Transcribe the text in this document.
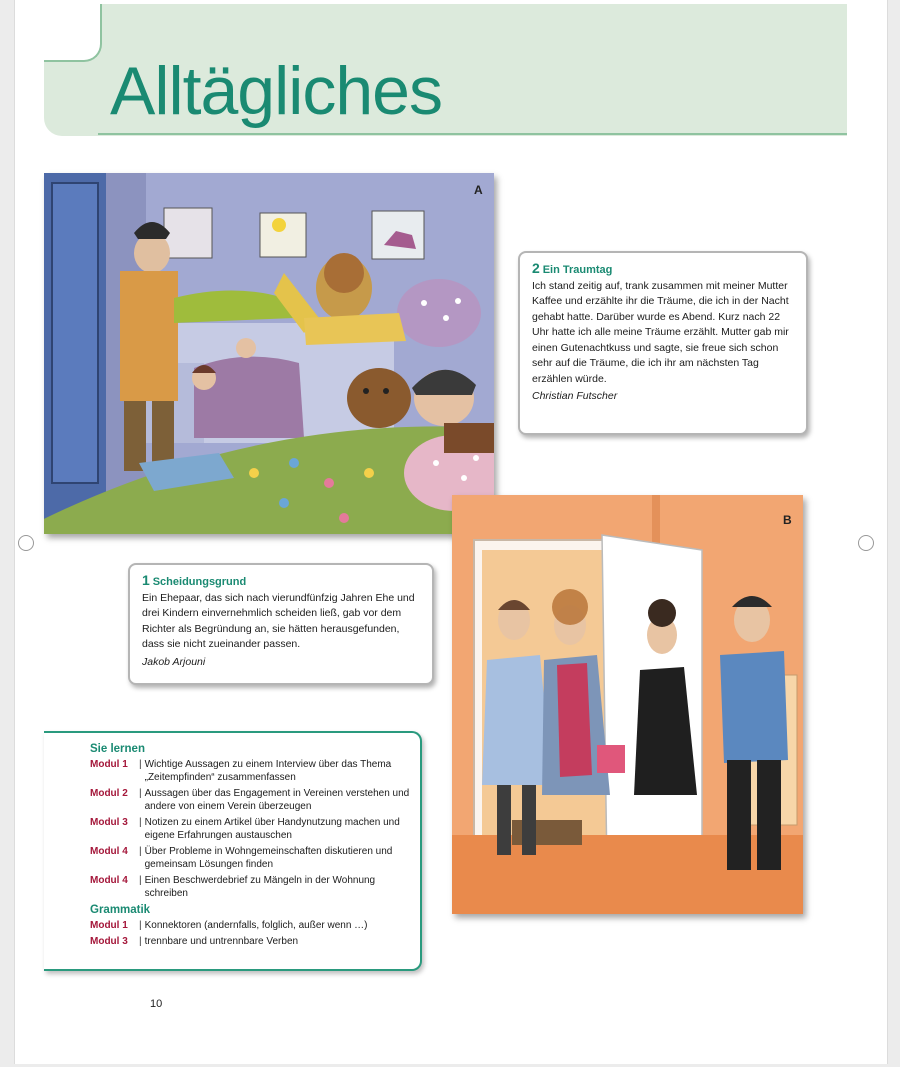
Alltägliches
A
2 Ein Traumtag
Ich stand zeitig auf, trank zusammen mit meiner Mutter Kaffee und erzählte ihr die Träume, die ich in der Nacht gehabt hatte. Darüber wurde es Abend. Kurz nach 22 Uhr hatte ich alle meine Träume erzählt. Mutter gab mir einen Gutenachtkuss und sagte, sie freue sich schon sehr auf die Träume, die ich ihr am nächsten Tag erzählen würde.
Christian Futscher
1 Scheidungsgrund
Ein Ehepaar, das sich nach vierundfünfzig Jahren Ehe und drei Kindern einvernehmlich scheiden ließ, gab vor dem Richter als Begründung an, sie hätten herausgefunden, dass sie nicht zueinander passen.
Jakob Arjouni
B
Sie lernen
Modul 1	| Wichtige Aussagen zu einem Interview über das Thema „Zeitempfinden“ zusammenfassen
Modul 2	| Aussagen über das Engagement in Vereinen verstehen und andere von einem Verein überzeugen
Modul 3	| Notizen zu einem Artikel über Handynutzung machen und eigene Erfahrungen austauschen
Modul 4	| Über Probleme in Wohngemeinschaften diskutieren und gemeinsam Lösungen finden
Modul 4	| Einen Beschwerdebrief zu Mängeln in der Wohnung schreiben
Grammatik
Modul 1	| Konnektoren (andernfalls, folglich, außer wenn …)
Modul 3	| trennbare und untrennbare Verben
10
